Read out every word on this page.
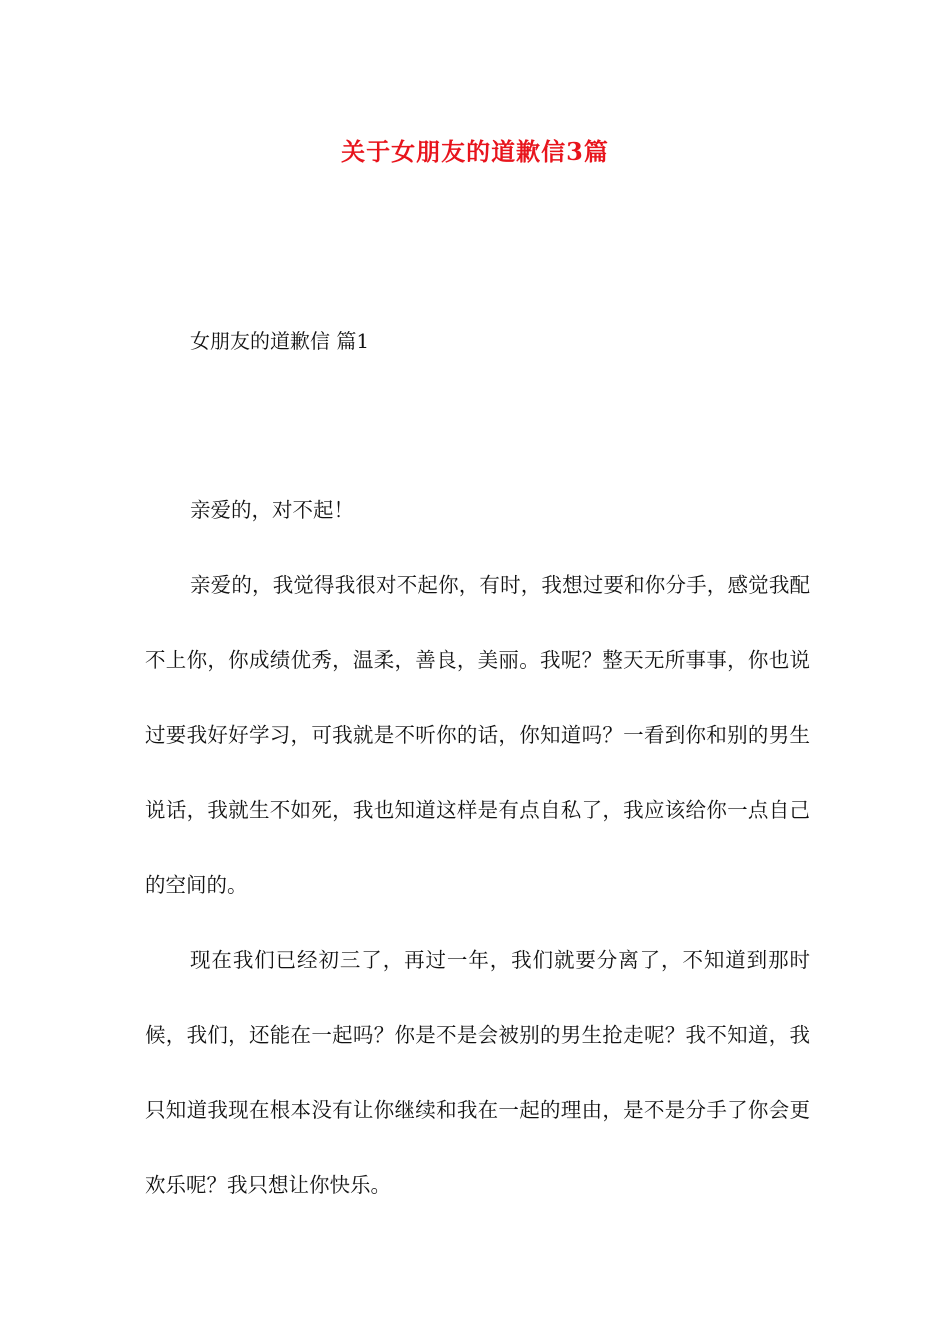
关于女朋友的道歉信3篇
女朋友的道歉信 篇1

亲爱的，对不起！

亲爱的，我觉得我很对不起你，有时，我想过要和你分手，感觉我配不上你，你成绩优秀，温柔，善良，美丽。我呢？整天无所事事，你也说过要我好好学习，可我就是不听你的话，你知道吗？一看到你和别的男生说话，我就生不如死，我也知道这样是有点自私了，我应该给你一点自己的空间的。

现在我们已经初三了，再过一年，我们就要分离了，不知道到那时候，我们，还能在一起吗？你是不是会被别的男生抢走呢？我不知道，我只知道我现在根本没有让你继续和我在一起的理由，是不是分手了你会更欢乐呢？我只想让你快乐。
